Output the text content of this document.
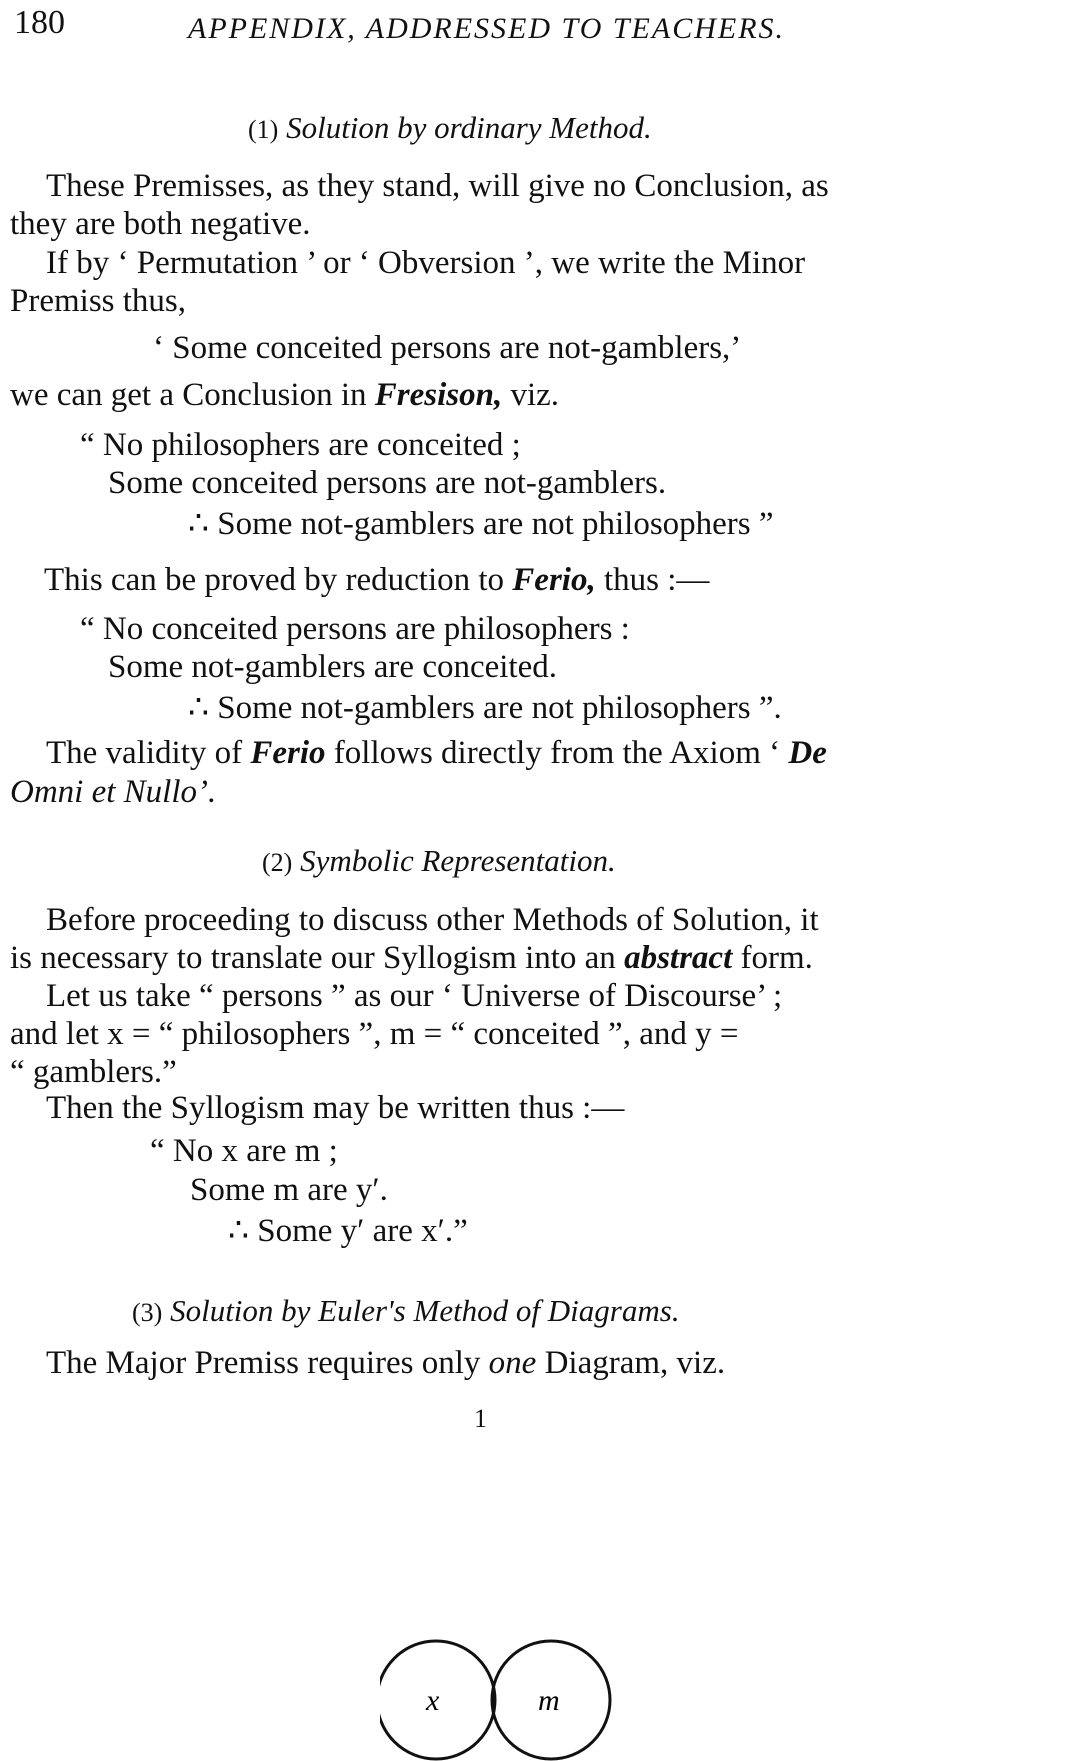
180	APPENDIX, ADDRESSED TO TEACHERS.
(1) Solution by ordinary Method.
These Premisses, as they stand, will give no Conclusion, as
they are both negative.
If by ‘ Permutation ’ or ‘ Obversion ’, we write the Minor
Premiss thus,
‘ Some conceited persons are not-gamblers,’
we can get a Conclusion in Fresison, viz.
“ No philosophers are conceited ;
Some conceited persons are not-gamblers.
∴ Some not-gamblers are not philosophers ”
This can be proved by reduction to Ferio, thus :—
“ No conceited persons are philosophers :
Some not-gamblers are conceited.
∴ Some not-gamblers are not philosophers ”.
The validity of Ferio follows directly from the Axiom ‘ De
Omni et Nullo’.
(2) Symbolic Representation.
Before proceeding to discuss other Methods of Solution, it
is necessary to translate our Syllogism into an abstract form.
Let us take “ persons ” as our ‘ Universe of Discourse’ ;
and let x = “ philosophers ”, m = “ conceited ”, and y =
“ gamblers.”
Then the Syllogism may be written thus :—
“ No x are m ;
Some m are y′.
∴ Some y′ are x′.”
(3) Solution by Euler's Method of Diagrams.
The Major Premiss requires only one Diagram, viz.
1
x	m
